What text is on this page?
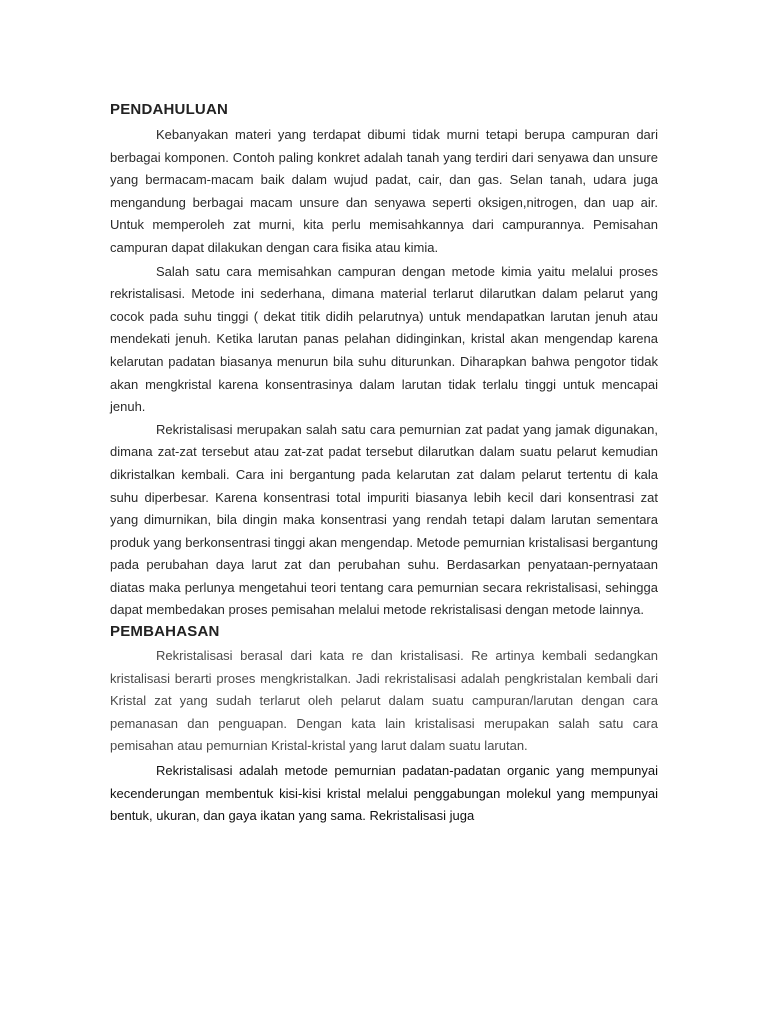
PENDAHULUAN

Kebanyakan materi yang terdapat dibumi tidak murni tetapi berupa campuran dari berbagai komponen. Contoh paling konkret adalah tanah yang terdiri dari senyawa dan unsure yang bermacam-macam baik dalam wujud padat, cair, dan gas. Selan tanah, udara juga mengandung berbagai macam unsure dan senyawa seperti oksigen,nitrogen, dan uap air. Untuk memperoleh zat murni, kita perlu memisahkannya dari campurannya. Pemisahan campuran dapat dilakukan dengan cara fisika atau kimia.

Salah satu cara memisahkan campuran dengan metode kimia yaitu melalui proses rekristalisasi. Metode ini sederhana, dimana material terlarut dilarutkan dalam pelarut yang cocok pada suhu tinggi ( dekat titik didih pelarutnya) untuk mendapatkan larutan jenuh atau mendekati jenuh. Ketika larutan panas pelahan didinginkan, kristal akan mengendap karena kelarutan padatan biasanya menurun bila suhu diturunkan. Diharapkan bahwa pengotor tidak akan mengkristal karena konsentrasinya dalam larutan tidak terlalu tinggi untuk mencapai jenuh.

Rekristalisasi merupakan salah satu cara pemurnian zat padat yang jamak digunakan, dimana zat-zat tersebut atau zat-zat padat tersebut dilarutkan dalam suatu pelarut kemudian dikristalkan kembali. Cara ini bergantung pada kelarutan zat dalam pelarut tertentu di kala suhu diperbesar. Karena konsentrasi total impuriti biasanya lebih kecil dari konsentrasi zat yang dimurnikan, bila dingin maka konsentrasi yang rendah tetapi dalam larutan sementara produk yang berkonsentrasi tinggi akan mengendap. Metode pemurnian kristalisasi bergantung pada perubahan daya larut zat dan perubahan suhu. Berdasarkan penyataan-pernyataan diatas maka perlunya mengetahui teori tentang cara pemurnian secara rekristalisasi, sehingga dapat membedakan proses pemisahan melalui metode rekristalisasi dengan metode lainnya.

PEMBAHASAN

Rekristalisasi berasal dari kata re dan kristalisasi. Re artinya kembali sedangkan kristalisasi berarti proses mengkristalkan. Jadi rekristalisasi adalah pengkristalan kembali dari Kristal zat yang sudah terlarut oleh pelarut dalam suatu campuran/larutan dengan cara pemanasan dan penguapan. Dengan kata lain kristalisasi merupakan salah satu cara pemisahan atau pemurnian Kristal-kristal yang larut dalam suatu larutan.

Rekristalisasi adalah metode pemurnian padatan-padatan organic yang mempunyai kecenderungan membentuk kisi-kisi kristal melalui penggabungan molekul yang mempunyai bentuk, ukuran, dan gaya ikatan yang sama. Rekristalisasi juga
